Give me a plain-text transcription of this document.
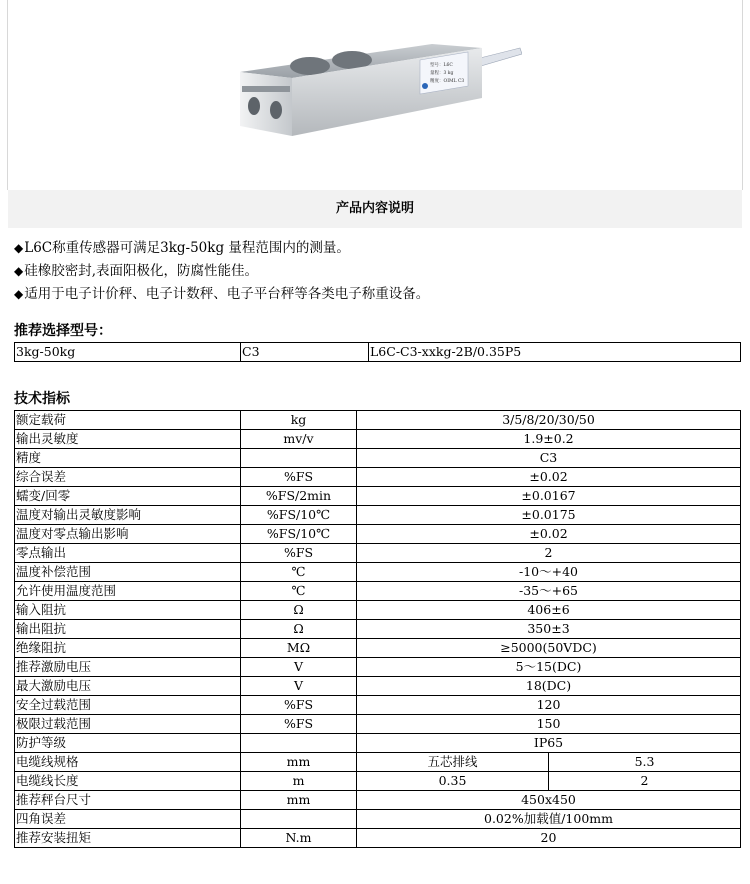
型号：L6C
量程：3 kg
精度：OIML C3
产品内容说明
◆L6C称重传感器可满足3kg-50kg 量程范围内的测量。
◆硅橡胶密封,表面阳极化，防腐性能佳。
◆适用于电子计价秤、电子计数秤、电子平台秤等各类电子称重设备。
推荐选择型号：
3kg-50kg	C3	L6C-C3-xxkg-2B/0.35P5
技术指标
额定载荷	kg	3/5/8/20/30/50	
输出灵敏度	mv/v	1.9±0.2	
精度		C3	
综合误差	%FS	±0.02	
蠕变/回零	%FS/2min	±0.0167	
温度对输出灵敏度影响	%FS/10℃	±0.0175	
温度对零点输出影响	%FS/10℃	±0.02	
零点输出	%FS	2	
温度补偿范围	℃	-10～+40	
允许使用温度范围	℃	-35～+65	
输入阻抗	Ω	406±6	
输出阻抗	Ω	350±3	
绝缘阻抗	MΩ	≥5000(50VDC)	
推荐激励电压	V	5～15(DC)	
最大激励电压	V	18(DC)	
安全过载范围	%FS	120	
极限过载范围	%FS	150	
防护等级		IP65	
电缆线规格	mm	五芯排线	5.3
电缆线长度	m	0.35	2
推荐秤台尺寸	mm	450x450	
四角误差		0.02%加载值/100mm	
推荐安装扭矩	N.m	20	
